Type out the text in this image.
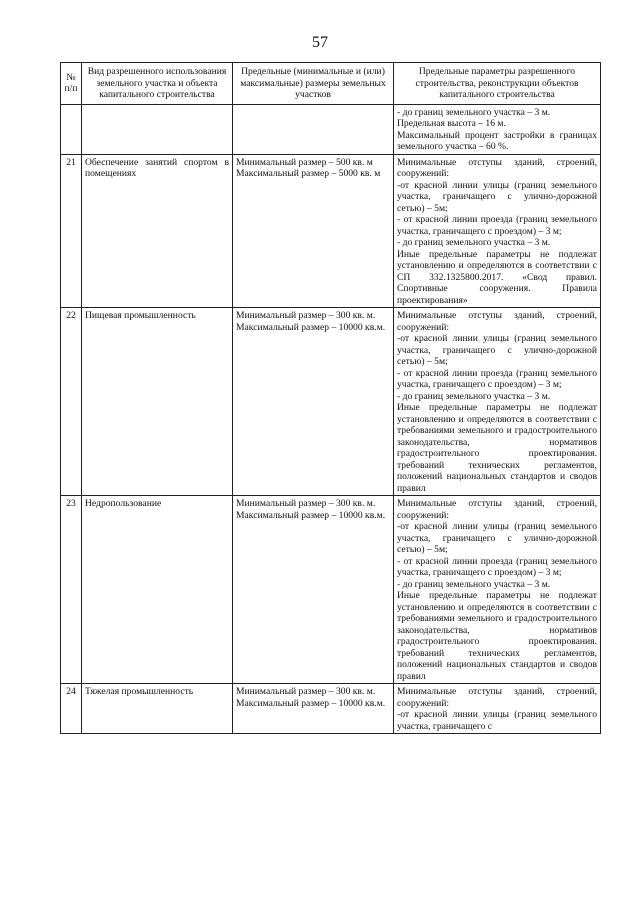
57
№ п/п	Вид разрешенного использования земельного участка и объекта капитального строительства	Предельные (минимальные и (или) максимальные) размеры земельных участков	Предельные параметры разрешенного строительства, реконструкции объектов капитального строительства

			- до границ земельного участка – 3 м.
Предельная высота – 16 м.
Максимальный процент застройки в границах земельного участка – 60 %.

21	Обеспечение занятий спортом в помещениях	Минимальный размер – 500 кв. м
Максимальный размер – 5000 кв. м	Минимальные отступы зданий, строений, сооружений:
-от красной линии улицы (границ земельного участка, граничащего с улично-дорожной сетью) – 5м;
- от красной линии проезда (границ земельного участка, граничащего с проездом) – 3 м;
- до границ земельного участка – 3 м.
Иные предельные параметры не подлежат установлению и определяются в соответствии с СП 332.1325800.2017. «Свод правил. Спортивные сооружения. Правила проектирования»

22	Пищевая промышленность	Минимальный размер – 300 кв. м.
Максимальный размер – 10000 кв.м.	Минимальные отступы зданий, строений, сооружений:
-от красной линии улицы (границ земельного участка, граничащего с улично-дорожной сетью) – 5м;
- от красной линии проезда (границ земельного участка, граничащего с проездом) – 3 м;
- до границ земельного участка – 3 м.
Иные предельные параметры не подлежат установлению и определяются в соответствии с требованиями земельного и градостроительного законодательства, нормативов градостроительного проектирования. требований технических регламентов, положений национальных стандартов и сводов правил

23	Недропользование	Минимальный размер – 300 кв. м.
Максимальный размер – 10000 кв.м.	Минимальные отступы зданий, строений, сооружений:
-от красной линии улицы (границ земельного участка, граничащего с улично-дорожной сетью) – 5м;
- от красной линии проезда (границ земельного участка, граничащего с проездом) – 3 м;
- до границ земельного участка – 3 м.
Иные предельные параметры не подлежат установлению и определяются в соответствии с требованиями земельного и градостроительного законодательства, нормативов градостроительного проектирования. требований технических регламентов, положений национальных стандартов и сводов правил

24	Тяжелая промышленность	Минимальный размер – 300 кв. м.
Максимальный размер – 10000 кв.м.	Минимальные отступы зданий, строений, сооружений:
-от красной линии улицы (границ земельного участка, граничащего с
